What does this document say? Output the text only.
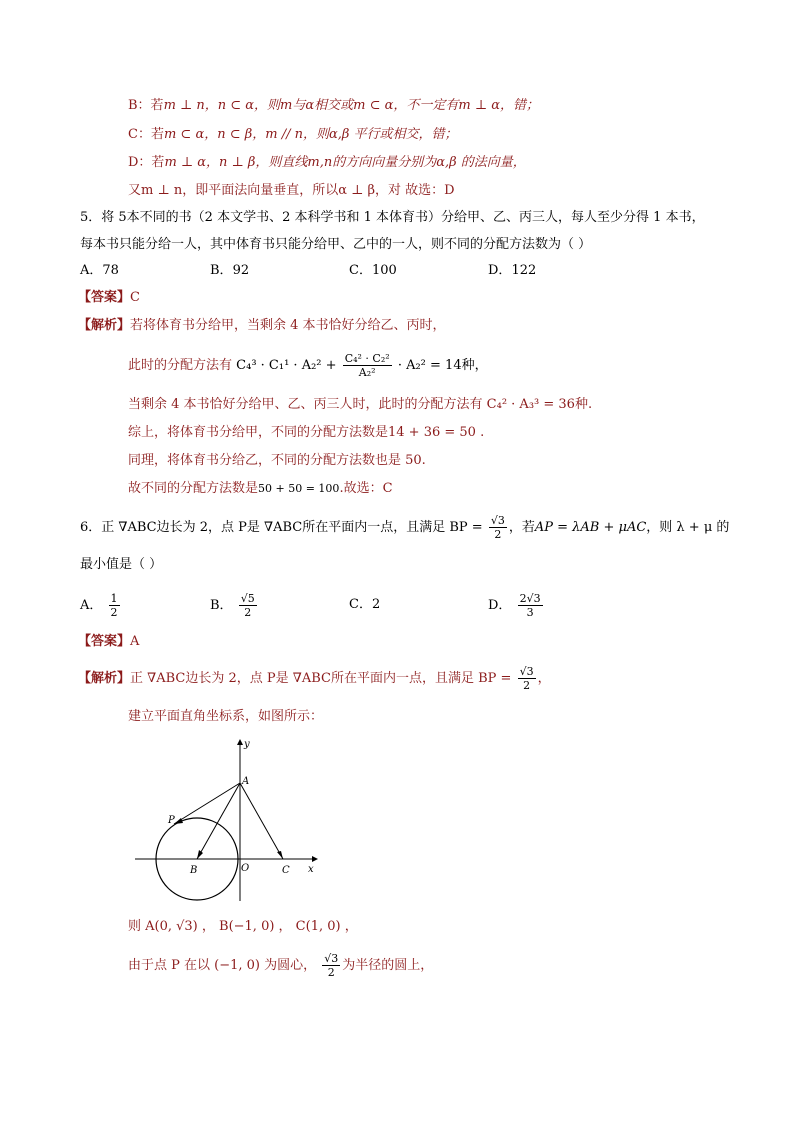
B：若m ⊥ n，n ⊂ α，则m与α相交或m ⊂ α，不一定有m ⊥ α，错；
C：若m ⊂ α，n ⊂ β，m // n，则α,β 平行或相交，错；
D：若m ⊥ α，n ⊥ β，则直线m,n的方向向量分别为α,β 的法向量，
又m ⊥ n，即平面法向量垂直，所以α ⊥ β，对 故选：D
5．将 5本不同的书（2 本文学书、2 本科学书和 1 本体育书）分给甲、乙、丙三人，每人至少分得 1 本书，
每本书只能分给一人，其中体育书只能分给甲、乙中的一人，则不同的分配方法数为（ ）
A．78	B．92	C．100	D．122
【答案】C
【解析】若将体育书分给甲，当剩余 4 本书恰好分给乙、丙时，
此时的分配方法有 $C_4^3 \cdot C_1^1 \cdot A_2^2 + \frac{\text{C₄² · C₂²}}{\text{A₂²}} \cdot A_2^2 = 14$种，
当剩余 4 本书恰好分给甲、乙、丙三人时，此时的分配方法有 C₄² · A₃³ = 36种.
综上，将体育书分给甲，不同的分配方法数是14 + 36 = 50 .
同理，将体育书分给乙，不同的分配方法数也是 50.
故不同的分配方法数是50 + 50 = 100.故选：C
6．正 ∇ABC边长为 2，点 P是 ∇ABC所在平面内一点，且满足 BP = $\frac{√3}{2}$ ，若AP = λAB + μAC，则 λ + μ 的
最小值是（ ）
A． $\frac{1}{2}$	B． $\frac{√5}{2}$	C．2	D． $\frac{2√3}{3}$
【答案】A
【解析】正 ∇ABC边长为 2，点 P是 ∇ABC所在平面内一点，且满足 BP = $\frac{√3}{2}$ ，
建立平面直角坐标系，如图所示：
y
x
A
P
B	O	C
则 A(0, √3) ， B(−1, 0) ， C(1, 0) ，
由于点 P 在以 (−1, 0) 为圆心， $\frac{√3}{2}$ 为半径的圆上，
